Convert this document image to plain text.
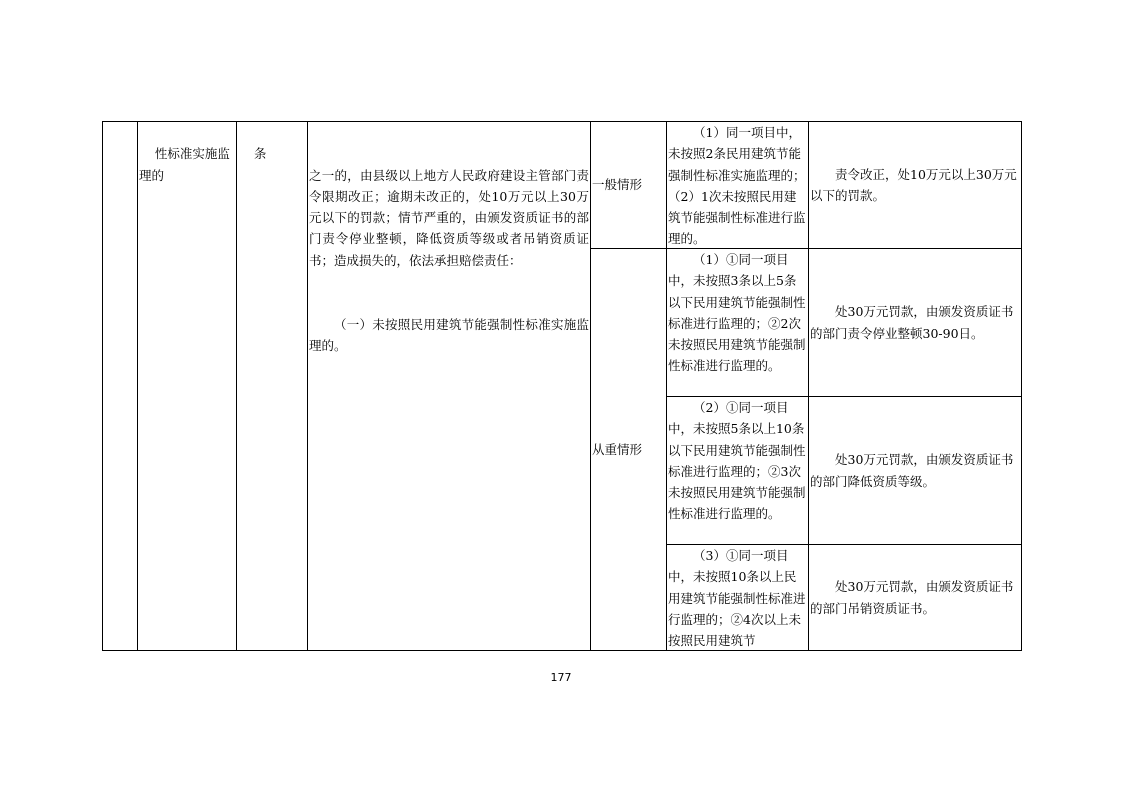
性标准实施监理的

条

之一的，由县级以上地方人民政府建设主管部门责令限期改正；逾期未改正的，处10万元以上30万元以下的罚款；情节严重的，由颁发资质证书的部门责令停业整顿，降低资质等级或者吊销资质证书；造成损失的，依法承担赔偿责任：

（一）未按照民用建筑节能强制性标准实施监理的。

一般情形
从重情形
（1）同一项目中，未按照2条民用建筑节能强制性标准实施监理的；（2）1次未按照民用建筑节能强制性标准进行监理的。
（1）①同一项目中，未按照3条以上5条以下民用建筑节能强制性标准进行监理的；②2次未按照民用建筑节能强制性标准进行监理的。
（2）①同一项目中，未按照5条以上10条以下民用建筑节能强制性标准进行监理的；②3次未按照民用建筑节能强制性标准进行监理的。
（3）①同一项目中，未按照10条以上民用建筑节能强制性标准进行监理的；②4次以上未按照民用建筑节
责令改正，处10万元以上30万元以下的罚款。
处30万元罚款，由颁发资质证书的部门责令停业整顿30-90日。
处30万元罚款，由颁发资质证书的部门降低资质等级。
处30万元罚款，由颁发资质证书的部门吊销资质证书。
177
